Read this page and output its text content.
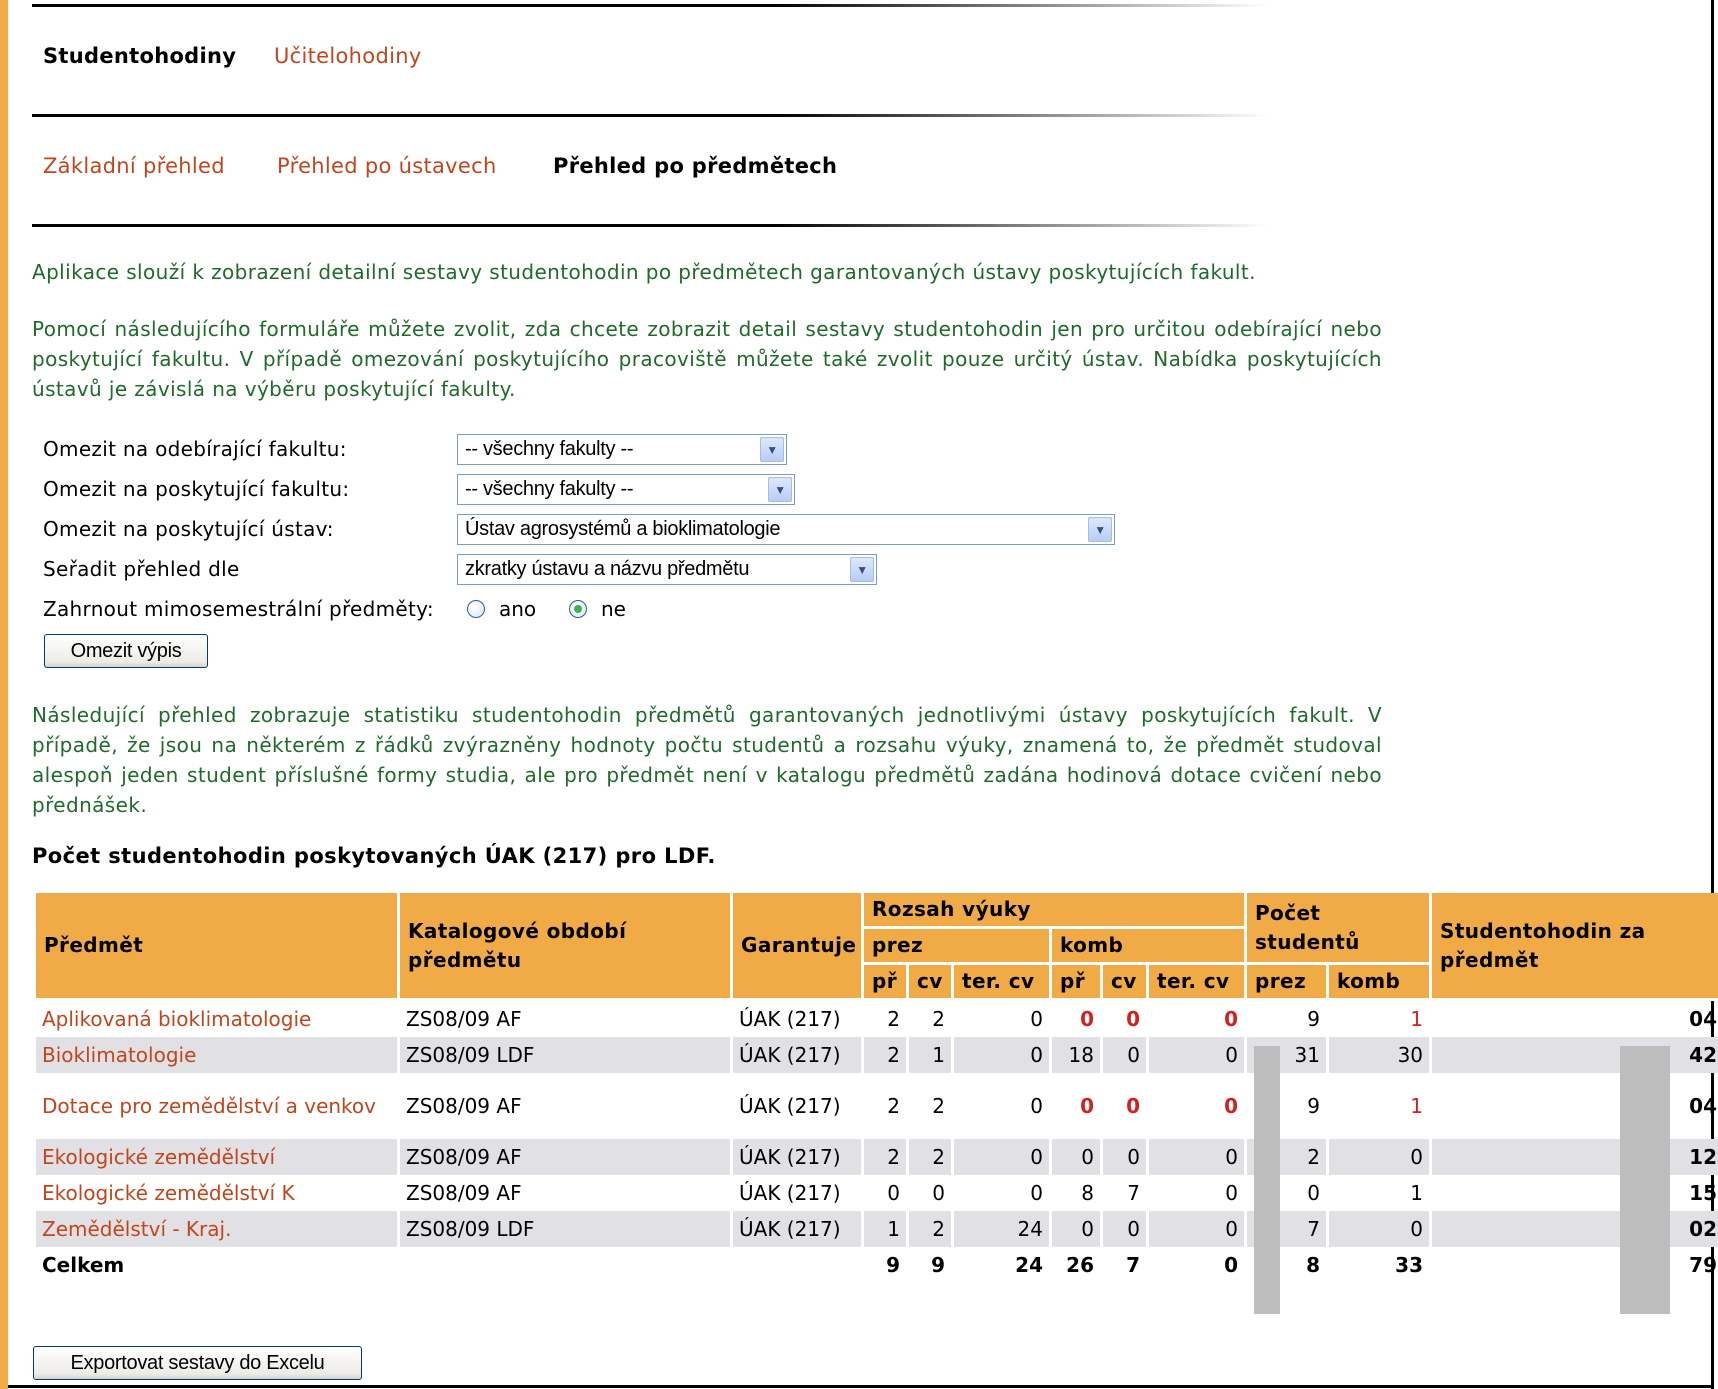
Studentohodiny Učitelohodiny
Základní přehled Přehled po ústavech	Přehled po předmětech
Aplikace slouží k zobrazení detailní sestavy studentohodin po předmětech garantovaných ústavy poskytujících fakult.
Pomocí následujícího formuláře můžete zvolit, zda chcete zobrazit detail sestavy studentohodin jen pro určitou odebírající nebo poskytující fakultu. V případě omezování poskytujícího pracoviště můžete také zvolit pouze určitý ústav. Nabídka poskytujících ústavů je závislá na výběru poskytující fakulty.
Omezit na odebírající fakultu:	-- všechny fakulty --	▼
Omezit na poskytující fakultu:	-- všechny fakulty --	▼
Omezit na poskytující ústav:	Ústav agrosystémů a bioklimatologie	▼
Seřadit přehled dle	zkratky ústavu a názvu předmětu	▼
Zahrnout mimosemestrální předměty:	ano	ne
Omezit výpis
Následující přehled zobrazuje statistiku studentohodin předmětů garantovaných jednotlivými ústavy poskytujících fakult. V případě, že jsou na některém z řádků zvýrazněny hodnoty počtu studentů a rozsahu výuky, znamená to, že předmět studoval alespoň jeden student příslušné formy studia, ale pro předmět není v katalogu předmětů zadána hodinová dotace cvičení nebo přednášek.
Počet studentohodin poskytovaných ÚAK (217) pro LDF.
Předmět	Katalogové období předmětu	Garantuje	Rozsah výuky						Počet studentů		Studentohodin za předmět
			prez			komb					
			př	cv	ter. cv	př	cv	ter. cv	prez	komb	
Aplikovaná bioklimatologie	ZS08/09 AF	ÚAK (217)	2	2	0	0	0	0	9	1	04
Bioklimatologie	ZS08/09 LDF	ÚAK (217)	2	1	0	18	0	0	31	30	42
Dotace pro zemědělství a venkov	ZS08/09 AF	ÚAK (217)	2	2	0	0	0	0	9	1	04
Ekologické zemědělství	ZS08/09 AF	ÚAK (217)	2	2	0	0	0	0	2	0	12
Ekologické zemědělství K	ZS08/09 AF	ÚAK (217)	0	0	0	8	7	0	0	1	15
Zemědělství - Kraj.	ZS08/09 LDF	ÚAK (217)	1	2	24	0	0	0	7	0	02
Celkem			9	9	24	26	7	0	8	33	79
Exportovat sestavy do Excelu
